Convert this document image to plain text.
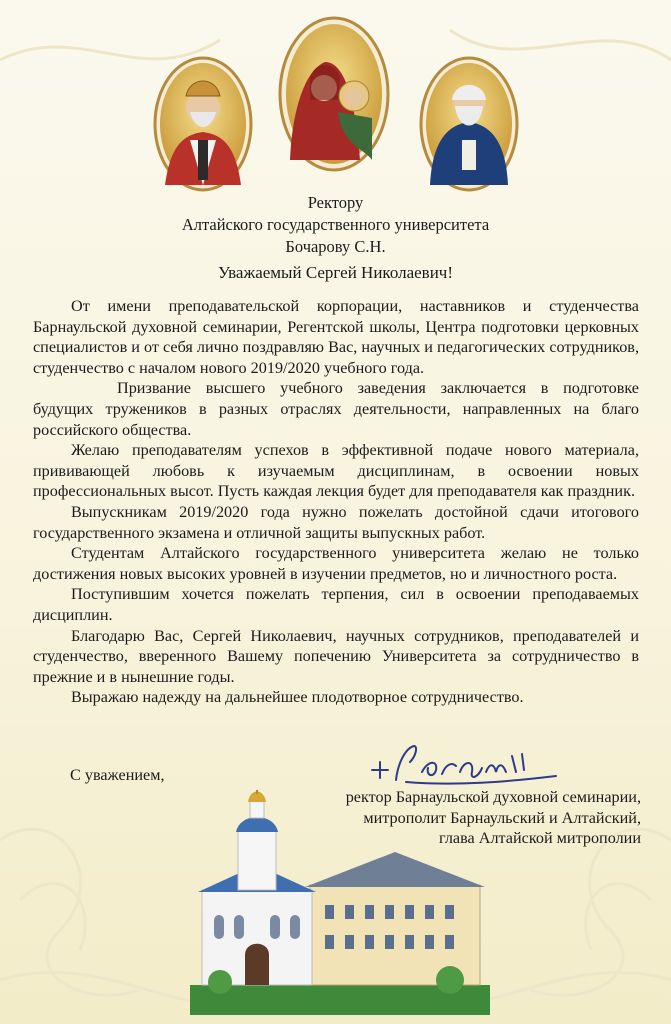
Ректору
Алтайского государственного университета
Бочарову С.Н.
Уважаемый Сергей Николаевич!

От имени преподавательской корпорации, наставников и студенчества Барнаульской духовной семинарии, Регентской школы, Центра подготовки церковных специалистов и от себя лично поздравляю Вас, научных и педагогических сотрудников, студенчество с началом нового 2019/2020 учебного года.

Призвание высшего учебного заведения заключается в подготовке будущих тружеников в разных отраслях деятельности, направленных на благо российского общества.

Желаю преподавателям успехов в эффективной подаче нового материала, прививающей любовь к изучаемым дисциплинам, в освоении новых профессиональных высот. Пусть каждая лекция будет для преподавателя как праздник.

Выпускникам 2019/2020 года нужно пожелать достойной сдачи итогового государственного экзамена и отличной защиты выпускных работ.

Студентам Алтайского государственного университета желаю не только достижения новых высоких уровней в изучении предметов, но и личностного роста.

Поступившим хочется пожелать терпения, сил в освоении преподаваемых дисциплин.

Благодарю Вас, Сергей Николаевич, научных сотрудников, преподавателей и студенчество, вверенного Вашему попечению Университета за сотрудничество в прежние и в нынешние годы.

Выражаю надежду на дальнейшее плодотворное сотрудничество.

С уважением,
ректор Барнаульской духовной семинарии,
митрополит Барнаульский и Алтайский,
глава Алтайской митрополии
